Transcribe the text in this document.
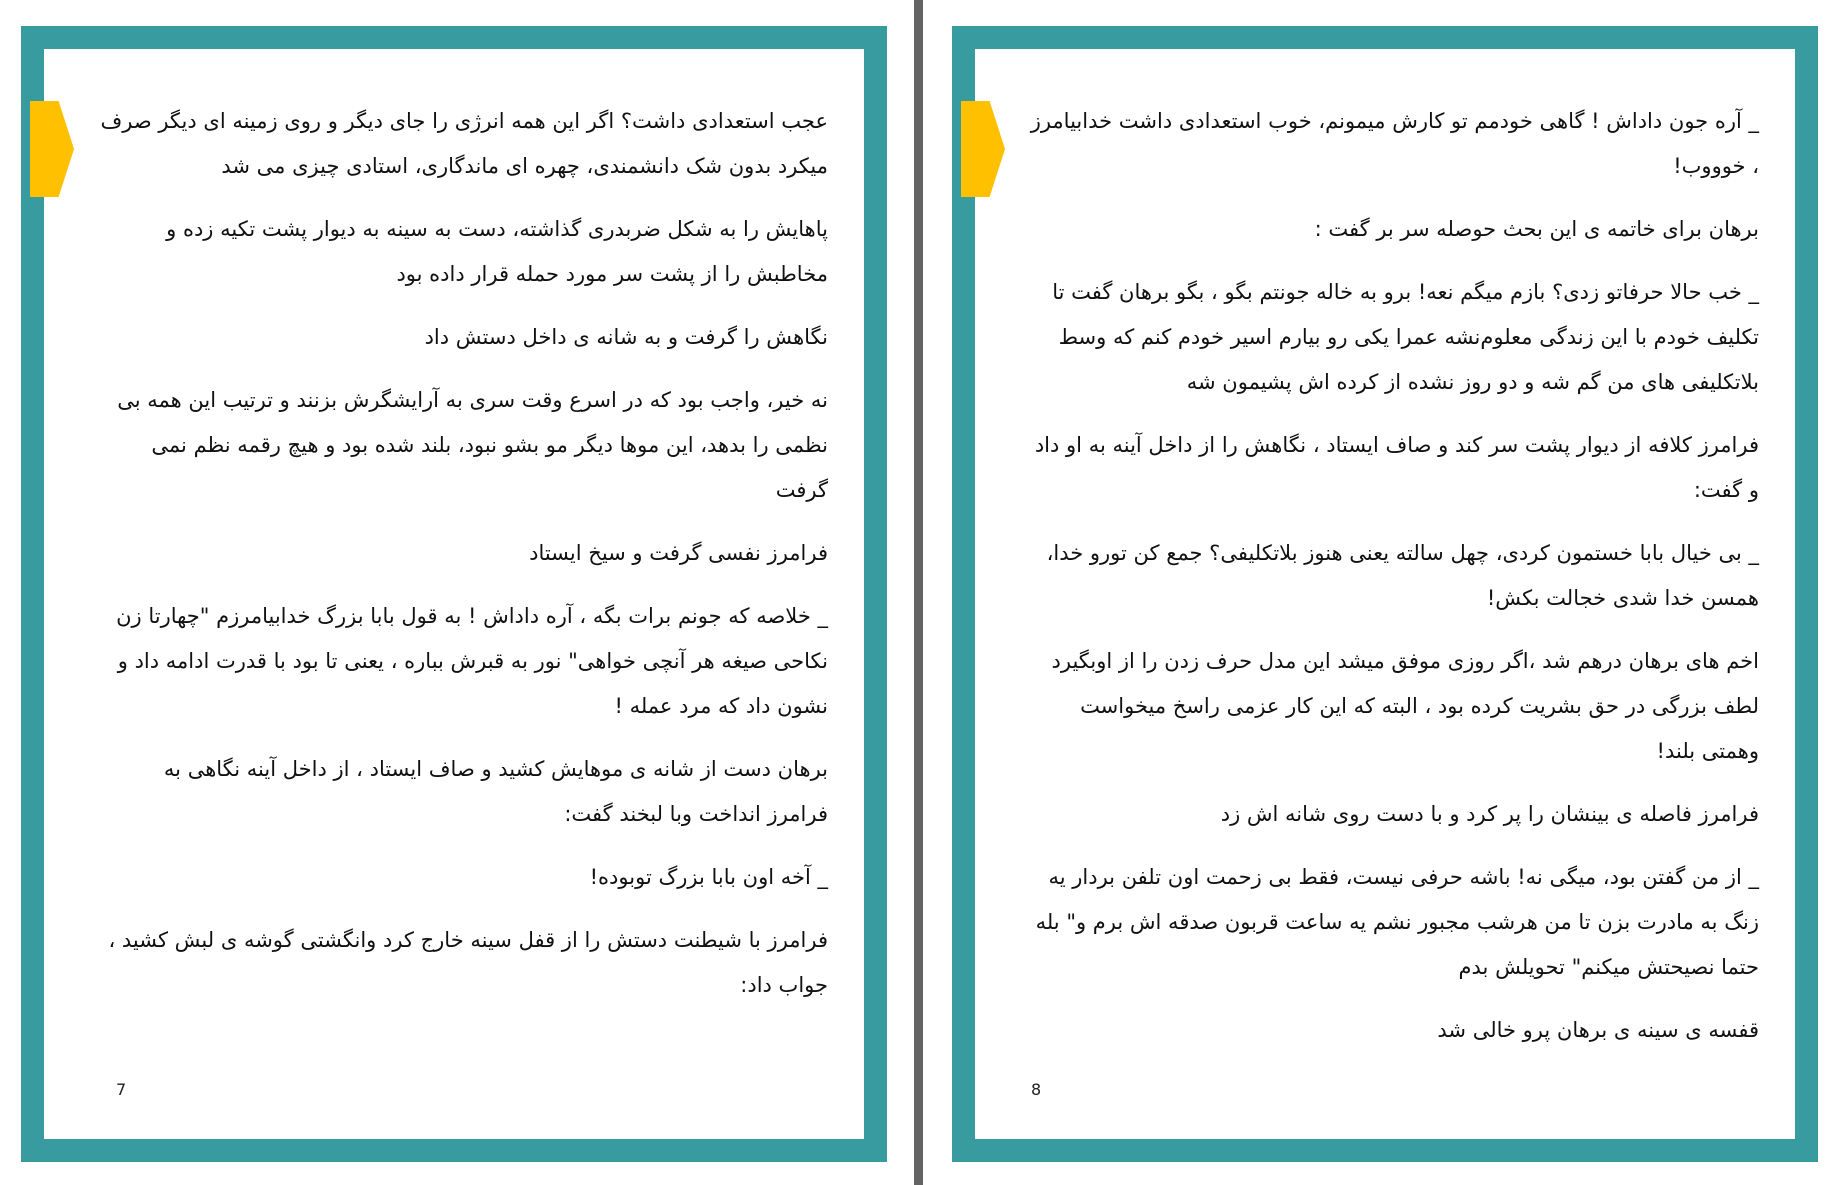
عجب استعدادی داشت؟ اگر این همه انرژی را جای دیگر و روی زمینه ای دیگر صرف میکرد بدون شک دانشمندی، چهره ای ماندگاری، استادی چیزی می شد

پاهایش را به شکل ضربدری گذاشته، دست به سینه به دیوار پشت تکیه زده و مخاطبش را از پشت سر مورد حمله قرار داده بود

نگاهش را گرفت و به شانه ی داخل دستش داد

نه خیر، واجب بود که در اسرع وقت سری به آرایشگرش بزنند و ترتیب این همه بی نظمی را بدهد، این موها دیگر مو بشو نبود، بلند شده بود و هیچ رقمه نظم نمی گرفت

فرامرز نفسی گرفت و سیخ ایستاد

_ خلاصه که جونم برات بگه ، آره داداش ! به قول بابا بزرگ خدابیامرزم "چهارتا زن نکاحی صیغه هر آنچی خواهی" نور به قبرش بباره ، یعنی تا بود با قدرت ادامه داد و نشون داد که مرد عمله !

برهان دست از شانه ی موهایش کشید و صاف ایستاد ، از داخل آینه نگاهی به فرامرز انداخت وبا لبخند گفت:

_ آخه اون بابا بزرگ توبوده!

فرامرز با شیطنت دستش را از قفل سینه خارج کرد وانگشتی گوشه ی لبش کشید ، جواب داد:

7

_ آره جون داداش ! گاهی خودمم تو کارش میمونم، خوب استعدادی داشت خدابیامرز ، خوووب!

برهان برای خاتمه ی این بحث حوصله سر بر گفت :

_ خب حالا حرفاتو زدی؟ بازم میگم نعه! برو به خاله جونتم بگو ، بگو برهان گفت تا تکلیف خودم با این زندگی معلوم‌نشه عمرا یکی رو بیارم اسیر خودم کنم که وسط بلاتکلیفی های من گم شه و دو روز نشده از کرده اش پشیمون شه

فرامرز کلافه از دیوار پشت سر کند و صاف ایستاد ، نگاهش را از داخل آینه به او داد و گفت:

_ بی خیال بابا خستمون کردی، چهل سالته یعنی هنوز بلاتکلیفی؟ جمع کن تورو خدا، همسن خدا شدی خجالت بکش!

اخم های برهان درهم شد ،اگر روزی موفق میشد این مدل حرف زدن را از اوبگیرد لطف بزرگی در حق بشریت کرده بود ، البته که این کار عزمی راسخ میخواست وهمتی بلند!

فرامرز فاصله ی بینشان را پر کرد و با دست روی شانه اش زد

_ از من گفتن بود، میگی نه! باشه حرفی نیست، فقط بی زحمت اون تلفن بردار یه زنگ به مادرت بزن تا من هرشب مجبور نشم یه ساعت قربون صدقه اش برم و" بله حتما نصیحتش میکنم" تحویلش بدم

قفسه ی سینه ی برهان پرو خالی شد

8
